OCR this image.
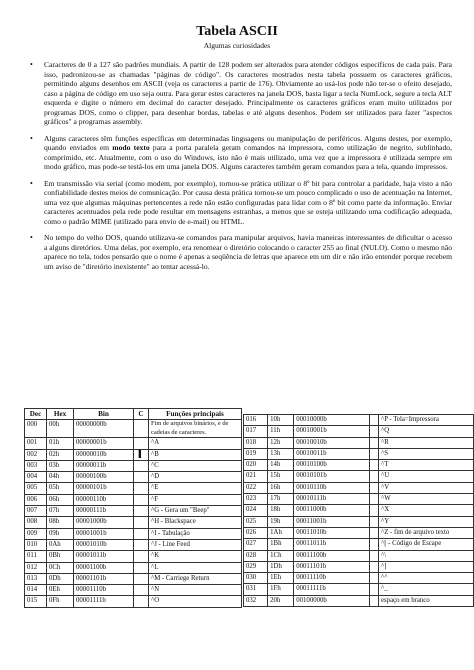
Tabela ASCII
Algumas curiosidades
• Caracteres de 0 a 127 são padrões mundiais. A partir de 128 podem ser alterados para atender códigos específicos de cada país. Para isso, padronizou-se as chamadas "páginas de código". Os caracteres mostrados nesta tabela possuem os caracteres gráficos, permitindo alguns desenhos em ASCII (veja os caracteres a partir de 176). Obviamente ao usá-los pode não ter-se o efeito desejado, caso a página de código em uso seja outra. Para gerar estes caracteres na janela DOS, basta ligar a tecla NumLock, segure a tecla ALT esquerda e digite o número em decimal do caracter desejado. Principalmente os caracteres gráficos eram muito utilizados por programas DOS, como o clipper, para desenhar bordas, tabelas e até alguns desenhos. Podem ser utilizados para fazer "aspectos gráficos" a programas assembly.
• Alguns caracteres têm funções específicas em determinadas linguagens ou manipulação de periféricos. Alguns destes, por exemplo, quando enviados em modo texto para a porta paralela geram comandos na impressora, como utilização de negrito, sublinhado, comprimido, etc. Atualmente, com o uso do Windows, isto não é mais utilizado, uma vez que a impressora é utilizada sempre em modo gráfico, mas pode-se testá-los em uma janela DOS. Alguns caracteres também geram comandos para a tela, quando impressos.
• Em transmissão via serial (como modem, por exemplo), tornou-se prática utilizar o 8º bit para controlar a paridade, haja visto a não confiabilidade destes meios de comunicação. Por causa desta prática tornou-se um pouco complicado o uso de acentuação na Internet, uma vez que algumas máquinas pertencentes a rede não estão configuradas para lidar com o 8º bit como parte da informação. Enviar caracteres acentuados pela rede pode resultar em mensagens estranhas, a menos que se esteja utilizando uma codificação adequada, como o padrão MIME (utilizado para envio de e-mail) ou HTML.
• No tempo do velho DOS, quando utilizava-se comandos para manipular arquivos, havia maneiras interessantes de dificultar o acesso a alguns diretórios. Uma delas, por exemplo, era renomear o diretório colocando o caracter 255 ao final (NULO). Como o mesmo não aparece no tela, todos pensarão que o nome é apenas a seqüência de letras que aparece em um dir e não irão entender porque recebem um aviso de "diretório inexistente" ao tentar acessá-lo.
Dec	Hex	Bin	C	Funções principais
000	00h	00000000b		Fim de arquivos binários, e de cadeias de caracteres.
001	01h	00000001b		^A
002	02h	00000010b	▌	^B
003	03h	00000011b		^C
004	04h	00000100b		^D
005	05h	00000101b		^E
006	06h	00000110b		^F
007	07h	00000111b		^G - Gera um "Beep"
008	08h	00001000b		^H - Blackspace
009	09h	00001001b		^I - Tabulação
010	0Ah	00001010b		^J - Line Feed
011	0Bh	00001011b		^K
012	0Ch	00001100b		^L
013	0Dh	00001101b		^M - Carriege Return
014	0Eh	00001110b		^N
015	0Fh	00001111b		^O
016	10h	00010000b		^P - Tela=Impressora
017	11h	00010001b		^Q
018	12h	00010010b		^R
019	13h	00010011b		^S
020	14h	00010100b		^T
021	15h	00010101b		^U
022	16h	00010110b		^V
023	17h	00010111b		^W
024	18h	00011000b		^X
025	19h	00011001b		^Y
026	1Ah	00011010b		^Z - fim de arquivo texto
027	1Bh	00011011b		^[ - Código de Escape
028	1Ch	00011100b		^\
029	1Dh	00011101b		^]
030	1Eh	00011110b		^^
031	1Fh	00011111b		^_
032	20h	00100000b		espaço em branco
